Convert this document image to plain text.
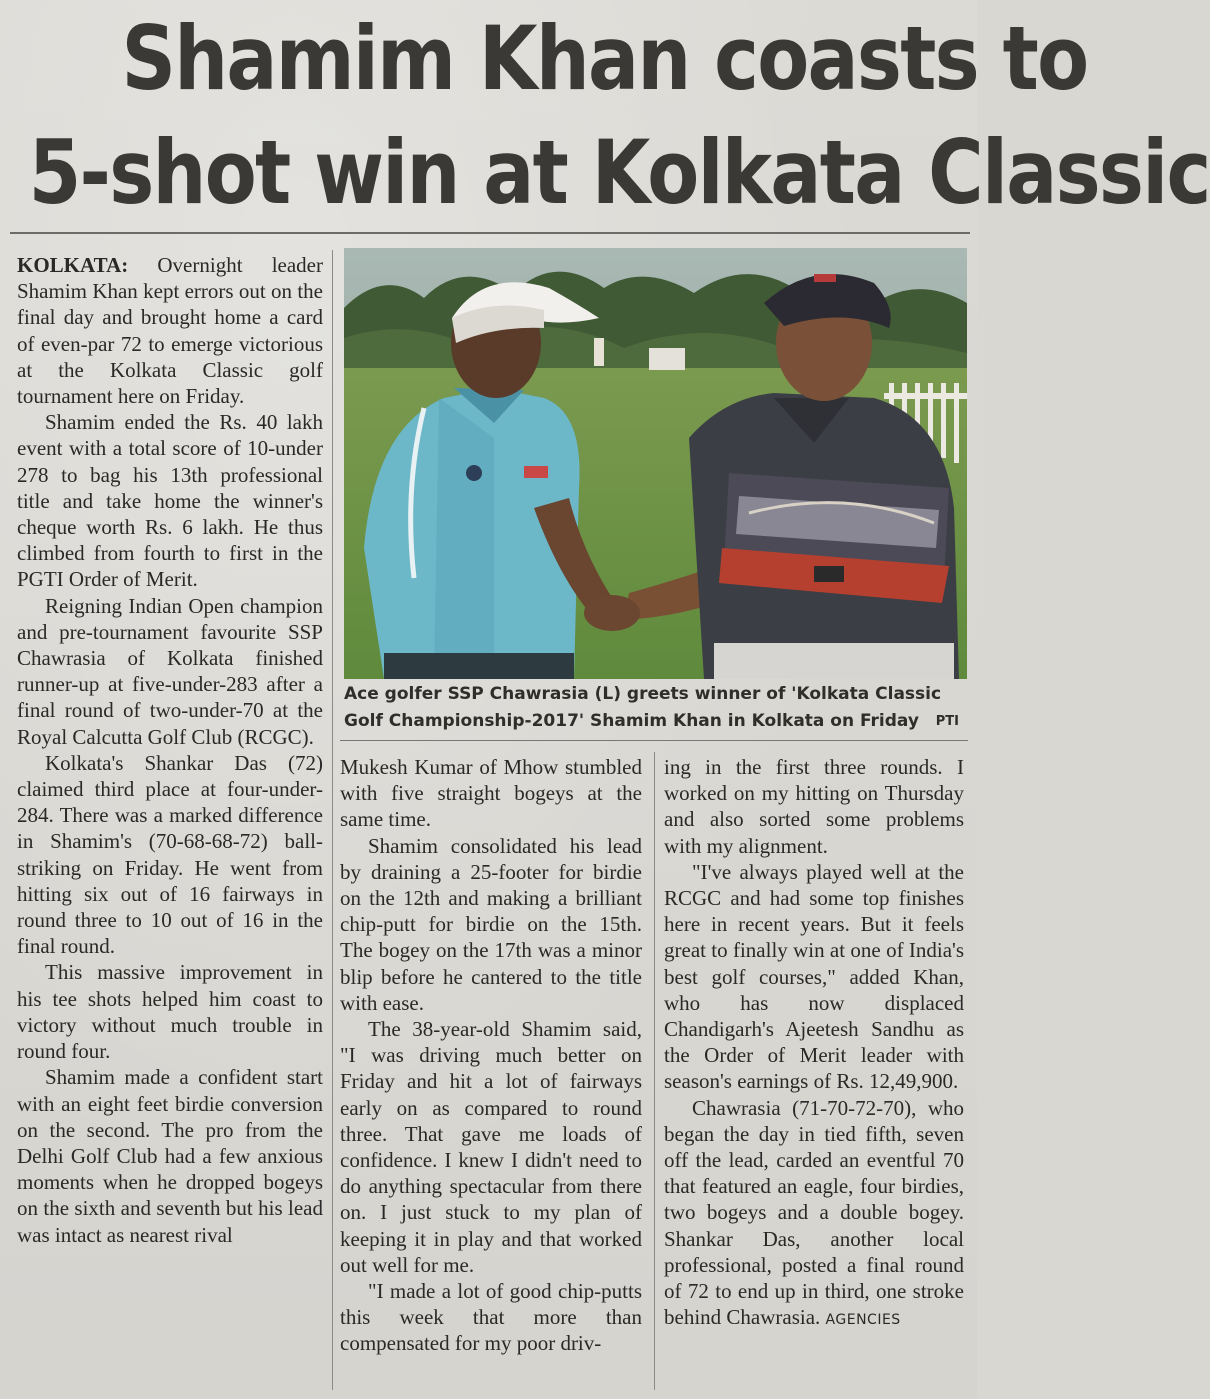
Shamim Khan coasts to
5-shot win at Kolkata Classic

KOLKATA: Overnight leader Shamim Khan kept errors out on the final day and brought home a card of even-par 72 to emerge victorious at the Kolkata Classic golf tournament here on Friday.

Shamim ended the Rs. 40 lakh event with a total score of 10-under 278 to bag his 13th professional title and take home the winner's cheque worth Rs. 6 lakh. He thus climbed from fourth to first in the PGTI Order of Merit.

Reigning Indian Open champion and pre-tournament favourite SSP Chawrasia of Kolkata finished runner-up at five-under-283 after a final round of two-under-70 at the Royal Calcutta Golf Club (RCGC).

Kolkata's Shankar Das (72) claimed third place at four-under-284. There was a marked difference in Shamim's (70-68-68-72) ball-striking on Friday. He went from hitting six out of 16 fairways in round three to 10 out of 16 in the final round.

This massive improvement in his tee shots helped him coast to victory without much trouble in round four.

Shamim made a confident start with an eight feet birdie conversion on the second. The pro from the Delhi Golf Club had a few anxious moments when he dropped bogeys on the sixth and seventh but his lead was intact as nearest rival

Ace golfer SSP Chawrasia (L) greets winner of 'Kolkata Classic Golf Championship-2017' Shamim Khan in Kolkata on Friday PTI

Mukesh Kumar of Mhow stumbled with five straight bogeys at the same time.

Shamim consolidated his lead by draining a 25-footer for birdie on the 12th and making a brilliant chip-putt for birdie on the 15th. The bogey on the 17th was a minor blip before he cantered to the title with ease.

The 38-year-old Shamim said, "I was driving much better on Friday and hit a lot of fairways early on as compared to round three. That gave me loads of confidence. I knew I didn't need to do anything spectacular from there on. I just stuck to my plan of keeping it in play and that worked out well for me.

"I made a lot of good chip-putts this week that more than compensated for my poor driv-

ing in the first three rounds. I worked on my hitting on Thursday and also sorted some problems with my alignment.

"I've always played well at the RCGC and had some top finishes here in recent years. But it feels great to finally win at one of India's best golf courses," added Khan, who has now displaced Chandigarh's Ajeetesh Sandhu as the Order of Merit leader with season's earnings of Rs. 12,49,900.

Chawrasia (71-70-72-70), who began the day in tied fifth, seven off the lead, carded an eventful 70 that featured an eagle, four birdies, two bogeys and a double bogey. Shankar Das, another local professional, posted a final round of 72 to end up in third, one stroke behind Chawrasia. AGENCIES
